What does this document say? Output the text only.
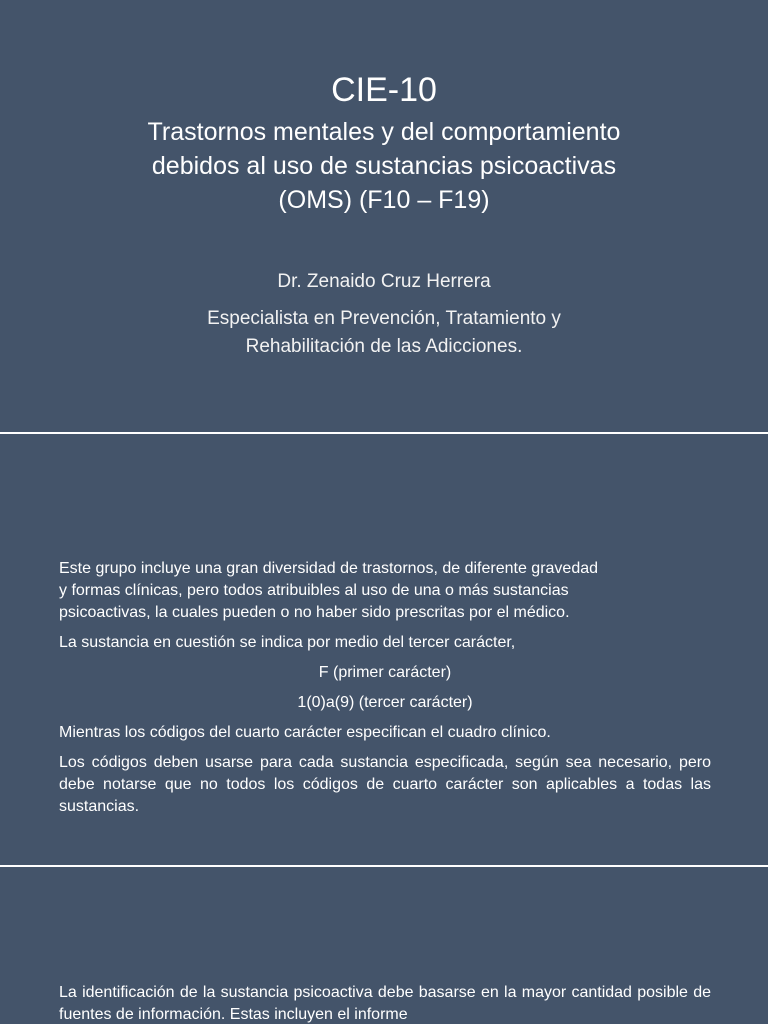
CIE-10
Trastornos mentales y del comportamiento
debidos al uso de sustancias psicoactivas
(OMS) (F10 – F19)
Dr. Zenaido Cruz Herrera
Especialista en Prevención, Tratamiento y
Rehabilitación de las Adicciones.

Este grupo incluye una gran diversidad de trastornos, de diferente gravedad
y formas clínicas, pero todos atribuibles al uso de una o más sustancias
psicoactivas, la cuales pueden o no haber sido prescritas por el médico.

La sustancia en cuestión se indica por medio del tercer carácter,

F (primer carácter)

1(0)a(9) (tercer carácter)

Mientras los códigos del cuarto carácter especifican el cuadro clínico.

Los códigos deben usarse para cada sustancia especificada, según sea necesario, pero debe notarse que no todos los códigos de cuarto carácter son aplicables a todas las sustancias.

La identificación de la sustancia psicoactiva debe basarse en la mayor cantidad posible de fuentes de información. Estas incluyen el informe
